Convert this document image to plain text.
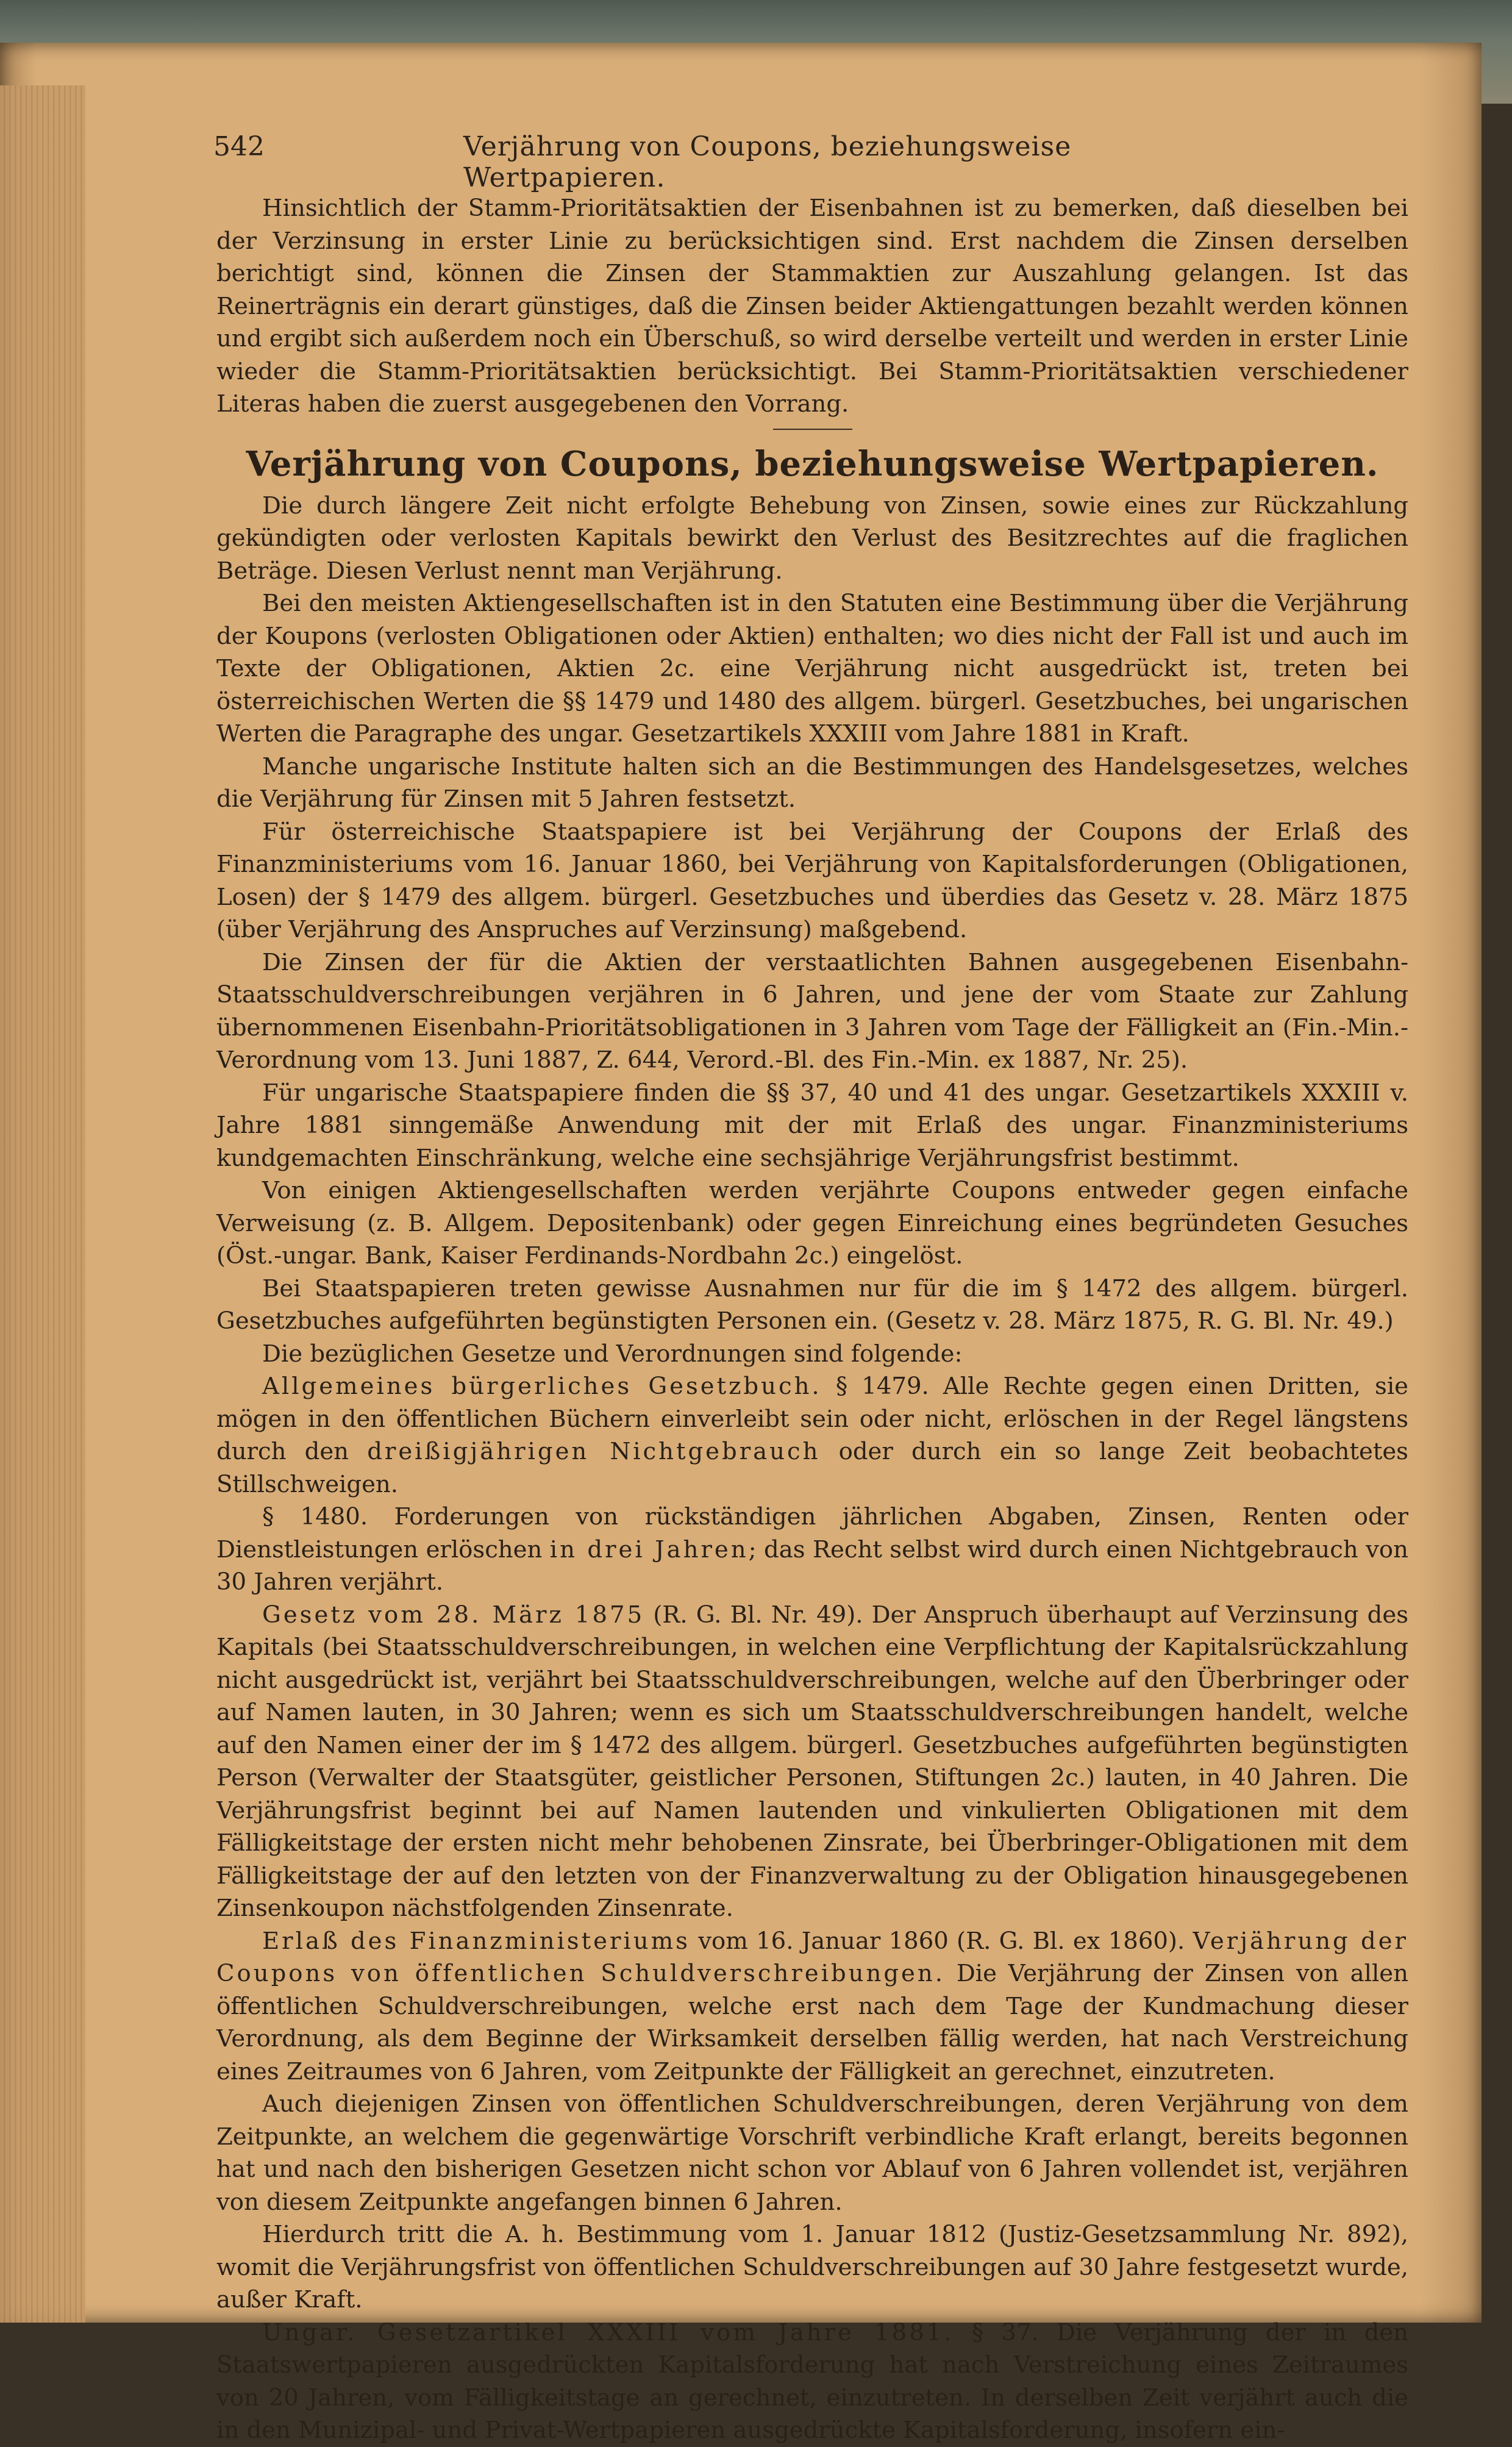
542	Verjährung von Coupons, beziehungsweise Wertpapieren.

Hinsichtlich der Stamm-Prioritätsaktien der Eisenbahnen ist zu bemerken, daß dieselben bei der Verzinsung in erster Linie zu berücksichtigen sind. Erst nachdem die Zinsen derselben berichtigt sind, können die Zinsen der Stammaktien zur Auszahlung gelangen. Ist das Reinerträgnis ein derart günstiges, daß die Zinsen beider Aktiengattungen bezahlt werden können und ergibt sich außerdem noch ein Überschuß, so wird derselbe verteilt und werden in erster Linie wieder die Stamm-Prioritätsaktien berücksichtigt. Bei Stamm-Prioritätsaktien verschiedener Literas haben die zuerst ausgegebenen den Vorrang.

Verjährung von Coupons, beziehungsweise Wertpapieren.

Die durch längere Zeit nicht erfolgte Behebung von Zinsen, sowie eines zur Rückzahlung gekündigten oder verlosten Kapitals bewirkt den Verlust des Besitzrechtes auf die fraglichen Beträge. Diesen Verlust nennt man Verjährung.

Bei den meisten Aktiengesellschaften ist in den Statuten eine Bestimmung über die Verjährung der Koupons (verlosten Obligationen oder Aktien) enthalten; wo dies nicht der Fall ist und auch im Texte der Obligationen, Aktien 2c. eine Verjährung nicht ausgedrückt ist, treten bei österreichischen Werten die §§ 1479 und 1480 des allgem. bürgerl. Gesetzbuches, bei ungarischen Werten die Paragraphe des ungar. Gesetzartikels XXXIII vom Jahre 1881 in Kraft.

Manche ungarische Institute halten sich an die Bestimmungen des Handelsgesetzes, welches die Verjährung für Zinsen mit 5 Jahren festsetzt.

Für österreichische Staatspapiere ist bei Verjährung der Coupons der Erlaß des Finanzministeriums vom 16. Januar 1860, bei Verjährung von Kapitalsforderungen (Obligationen, Losen) der § 1479 des allgem. bürgerl. Gesetzbuches und überdies das Gesetz v. 28. März 1875 (über Verjährung des Anspruches auf Verzinsung) maßgebend.

Die Zinsen der für die Aktien der verstaatlichten Bahnen ausgegebenen Eisenbahn-Staatsschuldverschreibungen verjähren in 6 Jahren, und jene der vom Staate zur Zahlung übernommenen Eisenbahn-Prioritätsobligationen in 3 Jahren vom Tage der Fälligkeit an (Fin.-Min.-Verordnung vom 13. Juni 1887, Z. 644, Verord.-Bl. des Fin.-Min. ex 1887, Nr. 25).

Für ungarische Staatspapiere finden die §§ 37, 40 und 41 des ungar. Gesetzartikels XXXIII v. Jahre 1881 sinngemäße Anwendung mit der mit Erlaß des ungar. Finanzministeriums kundgemachten Einschränkung, welche eine sechsjährige Verjährungsfrist bestimmt.

Von einigen Aktiengesellschaften werden verjährte Coupons entweder gegen einfache Verweisung (z. B. Allgem. Depositenbank) oder gegen Einreichung eines begründeten Gesuches (Öst.-ungar. Bank, Kaiser Ferdinands-Nordbahn 2c.) eingelöst.

Bei Staatspapieren treten gewisse Ausnahmen nur für die im § 1472 des allgem. bürgerl. Gesetzbuches aufgeführten begünstigten Personen ein. (Gesetz v. 28. März 1875, R. G. Bl. Nr. 49.)

Die bezüglichen Gesetze und Verordnungen sind folgende:

Allgemeines bürgerliches Gesetzbuch. § 1479. Alle Rechte gegen einen Dritten, sie mögen in den öffentlichen Büchern einverleibt sein oder nicht, erlöschen in der Regel längstens durch den dreißigjährigen Nichtgebrauch oder durch ein so lange Zeit beobachtetes Stillschweigen.

§ 1480. Forderungen von rückständigen jährlichen Abgaben, Zinsen, Renten oder Dienstleistungen erlöschen in drei Jahren; das Recht selbst wird durch einen Nichtgebrauch von 30 Jahren verjährt.

Gesetz vom 28. März 1875 (R. G. Bl. Nr. 49). Der Anspruch überhaupt auf Verzinsung des Kapitals (bei Staatsschuldverschreibungen, in welchen eine Verpflichtung der Kapitalsrückzahlung nicht ausgedrückt ist, verjährt bei Staatsschuldverschreibungen, welche auf den Überbringer oder auf Namen lauten, in 30 Jahren; wenn es sich um Staatsschuldverschreibungen handelt, welche auf den Namen einer der im § 1472 des allgem. bürgerl. Gesetzbuches aufgeführten begünstigten Person (Verwalter der Staatsgüter, geistlicher Personen, Stiftungen 2c.) lauten, in 40 Jahren. Die Verjährungsfrist beginnt bei auf Namen lautenden und vinkulierten Obligationen mit dem Fälligkeitstage der ersten nicht mehr behobenen Zinsrate, bei Überbringer-Obligationen mit dem Fälligkeitstage der auf den letzten von der Finanzverwaltung zu der Obligation hinausgegebenen Zinsenkoupon nächstfolgenden Zinsenrate.

Erlaß des Finanzministeriums vom 16. Januar 1860 (R. G. Bl. ex 1860). Verjährung der Coupons von öffentlichen Schuldverschreibungen. Die Verjährung der Zinsen von allen öffentlichen Schuldverschreibungen, welche erst nach dem Tage der Kundmachung dieser Verordnung, als dem Beginne der Wirksamkeit derselben fällig werden, hat nach Verstreichung eines Zeitraumes von 6 Jahren, vom Zeitpunkte der Fälligkeit an gerechnet, einzutreten.

Auch diejenigen Zinsen von öffentlichen Schuldverschreibungen, deren Verjährung von dem Zeitpunkte, an welchem die gegenwärtige Vorschrift verbindliche Kraft erlangt, bereits begonnen hat und nach den bisherigen Gesetzen nicht schon vor Ablauf von 6 Jahren vollendet ist, verjähren von diesem Zeitpunkte angefangen binnen 6 Jahren.

Hierdurch tritt die A. h. Bestimmung vom 1. Januar 1812 (Justiz-Gesetzsammlung Nr. 892), womit die Verjährungsfrist von öffentlichen Schuldverschreibungen auf 30 Jahre festgesetzt wurde, außer Kraft.

Ungar. Gesetzartikel XXXIII vom Jahre 1881. § 37. Die Verjährung der in den Staatswertpapieren ausgedrückten Kapitalsforderung hat nach Verstreichung eines Zeitraumes von 20 Jahren, vom Fälligkeitstage an gerechnet, einzutreten. In derselben Zeit verjährt auch die in den Munizipal- und Privat-Wertpapieren ausgedrückte Kapitalsforderung, insofern ein-
